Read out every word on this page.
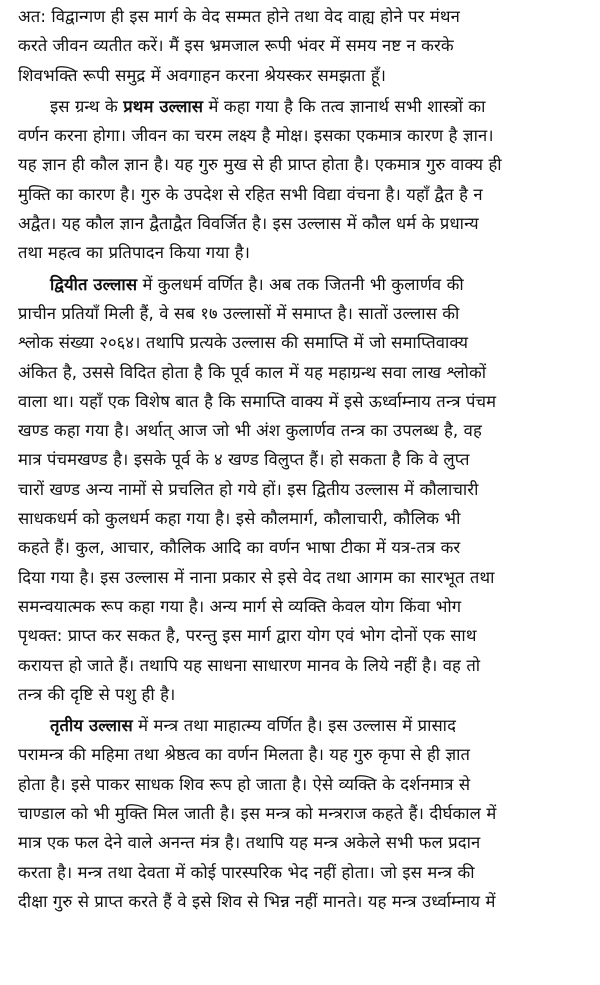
अत: विद्वान्गण ही इस मार्ग के वेद सम्मत होने तथा वेद वाह्य होने पर मंथन
करते जीवन व्यतीत करें। मैं इस भ्रमजाल रूपी भंवर में समय नष्ट न करके
शिवभक्ति रूपी समुद्र में अवगाहन करना श्रेयस्कर समझता हूँ।

इस ग्रन्थ के प्रथम उल्लास में कहा गया है कि तत्व ज्ञानार्थ सभी शास्त्रों का
वर्णन करना होगा। जीवन का चरम लक्ष्य है मोक्ष। इसका एकमात्र कारण है ज्ञान।
यह ज्ञान ही कौल ज्ञान है। यह गुरु मुख से ही प्राप्त होता है। एकमात्र गुरु वाक्य ही
मुक्ति का कारण है। गुरु के उपदेश से रहित सभी विद्या वंचना है। यहाँ द्वैत है न
अद्वैत। यह कौल ज्ञान द्वैताद्वैत विवर्जित है। इस उल्लास में कौल धर्म के प्रधान्य
तथा महत्व का प्रतिपादन किया गया है।

द्वियीत उल्लास में कुलधर्म वर्णित है। अब तक जितनी भी कुलार्णव की
प्राचीन प्रतियाँ मिली हैं, वे सब १७ उल्लासों में समाप्त है। सातों उल्लास की
श्लोक संख्या २०६४। तथापि प्रत्यके उल्लास की समाप्ति में जो समाप्तिवाक्य
अंकित है, उससे विदित होता है कि पूर्व काल में यह महाग्रन्थ सवा लाख श्लोकों
वाला था। यहाँ एक विशेष बात है कि समाप्ति वाक्य में इसे ऊर्ध्वाम्नाय तन्त्र पंचम
खण्ड कहा गया है। अर्थात् आज जो भी अंश कुलार्णव तन्त्र का उपलब्ध है, वह
मात्र पंचमखण्ड है। इसके पूर्व के ४ खण्ड विलुप्त हैं। हो सकता है कि वे लुप्त
चारों खण्ड अन्य नामों से प्रचलित हो गये हों। इस द्वितीय उल्लास में कौलाचारी
साधकधर्म को कुलधर्म कहा गया है। इसे कौलमार्ग, कौलाचारी, कौलिक भी
कहते हैं। कुल, आचार, कौलिक आदि का वर्णन भाषा टीका में यत्र-तत्र कर
दिया गया है। इस उल्लास में नाना प्रकार से इसे वेद तथा आगम का सारभूत तथा
समन्वयात्मक रूप कहा गया है। अन्य मार्ग से व्यक्ति केवल योग किंवा भोग
पृथक्त: प्राप्त कर सकत है, परन्तु इस मार्ग द्वारा योग एवं भोग दोनों एक साथ
करायत्त हो जाते हैं। तथापि यह साधना साधारण मानव के लिये नहीं है। वह तो
तन्त्र की दृष्टि से पशु ही है।

तृतीय उल्लास में मन्त्र तथा माहात्म्य वर्णित है। इस उल्लास में प्रासाद
परामन्त्र की महिमा तथा श्रेष्ठत्व का वर्णन मिलता है। यह गुरु कृपा से ही ज्ञात
होता है। इसे पाकर साधक शिव रूप हो जाता है। ऐसे व्यक्ति के दर्शनमात्र से
चाण्डाल को भी मुक्ति मिल जाती है। इस मन्त्र को मन्त्रराज कहते हैं। दीर्घकाल में
मात्र एक फल देने वाले अनन्त मंत्र है। तथापि यह मन्त्र अकेले सभी फल प्रदान
करता है। मन्त्र तथा देवता में कोई पारस्परिक भेद नहीं होता। जो इस मन्त्र की
दीक्षा गुरु से प्राप्त करते हैं वे इसे शिव से भिन्न नहीं मानते। यह मन्त्र उर्ध्वाम्नाय में
